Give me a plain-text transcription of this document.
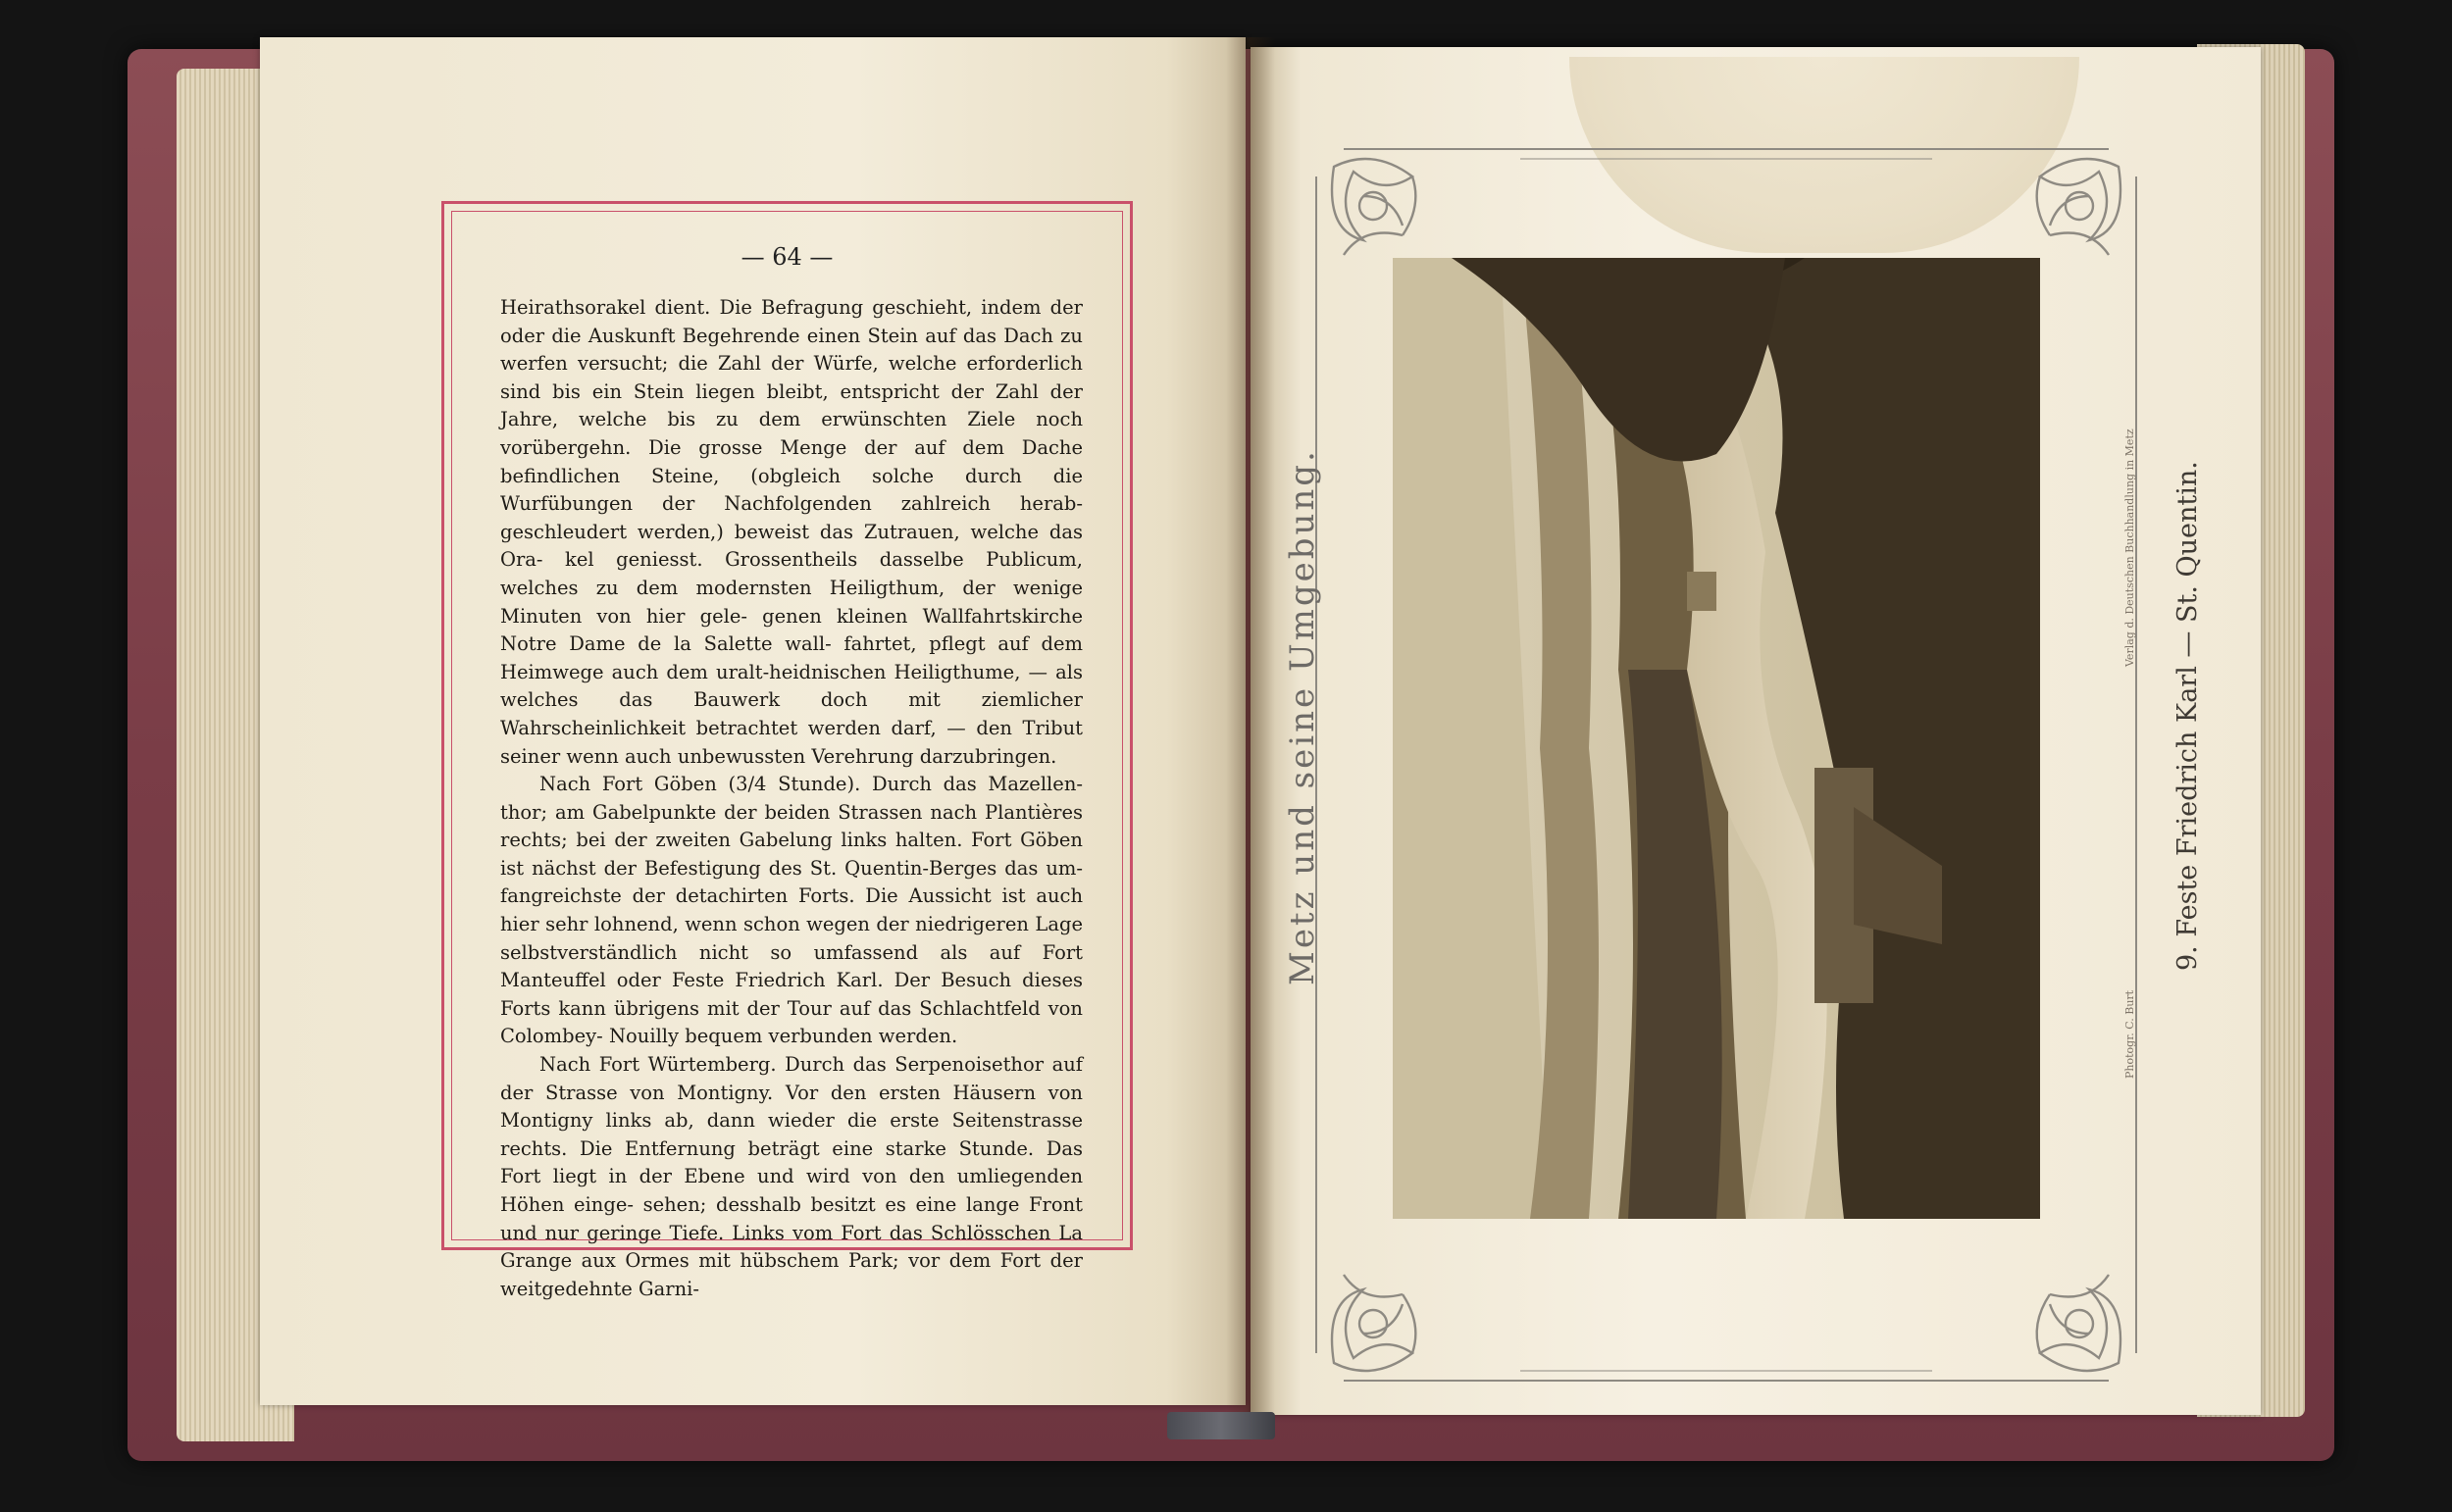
— 64 —

Heirathsorakel dient. Die Befragung geschieht, indem der oder die Auskunft Begehrende einen Stein auf das Dach zu werfen versucht; die Zahl der Würfe, welche erforderlich sind bis ein Stein liegen bleibt, entspricht der Zahl der Jahre, welche bis zu dem erwünschten Ziele noch vorübergehn. Die grosse Menge der auf dem Dache befindlichen Steine, (obgleich solche durch die Wurfübungen der Nachfolgenden zahlreich herab- geschleudert werden,) beweist das Zutrauen, welche das Ora- kel geniesst. Grossentheils dasselbe Publicum, welches zu dem modernsten Heiligthum, der wenige Minuten von hier gele- genen kleinen Wallfahrtskirche Notre Dame de la Salette wall- fahrtet, pflegt auf dem Heimwege auch dem uralt-heidnischen Heiligthume, — als welches das Bauwerk doch mit ziemlicher Wahrscheinlichkeit betrachtet werden darf, — den Tribut seiner wenn auch unbewussten Verehrung darzubringen.

Nach Fort Göben (3/4 Stunde). Durch das Mazellen- thor; am Gabelpunkte der beiden Strassen nach Plantières rechts; bei der zweiten Gabelung links halten. Fort Göben ist nächst der Befestigung des St. Quentin-Berges das um- fangreichste der detachirten Forts. Die Aussicht ist auch hier sehr lohnend, wenn schon wegen der niedrigeren Lage selbstverständlich nicht so umfassend als auf Fort Manteuffel oder Feste Friedrich Karl. Der Besuch dieses Forts kann übrigens mit der Tour auf das Schlachtfeld von Colombey- Nouilly bequem verbunden werden.

Nach Fort Würtemberg. Durch das Serpenoisethor auf der Strasse von Montigny. Vor den ersten Häusern von Montigny links ab, dann wieder die erste Seitenstrasse rechts. Die Entfernung beträgt eine starke Stunde. Das Fort liegt in der Ebene und wird von den umliegenden Höhen einge- sehen; desshalb besitzt es eine lange Front und nur geringe Tiefe. Links vom Fort das Schlösschen La Grange aux Ormes mit hübschem Park; vor dem Fort der weitgedehnte Garni-

Metz und seine Umgebung.	9. Feste Friedrich Karl — St. Quentin.
Photogr. C. Burt
Verlag d. Deutschen Buchhandlung in Metz
